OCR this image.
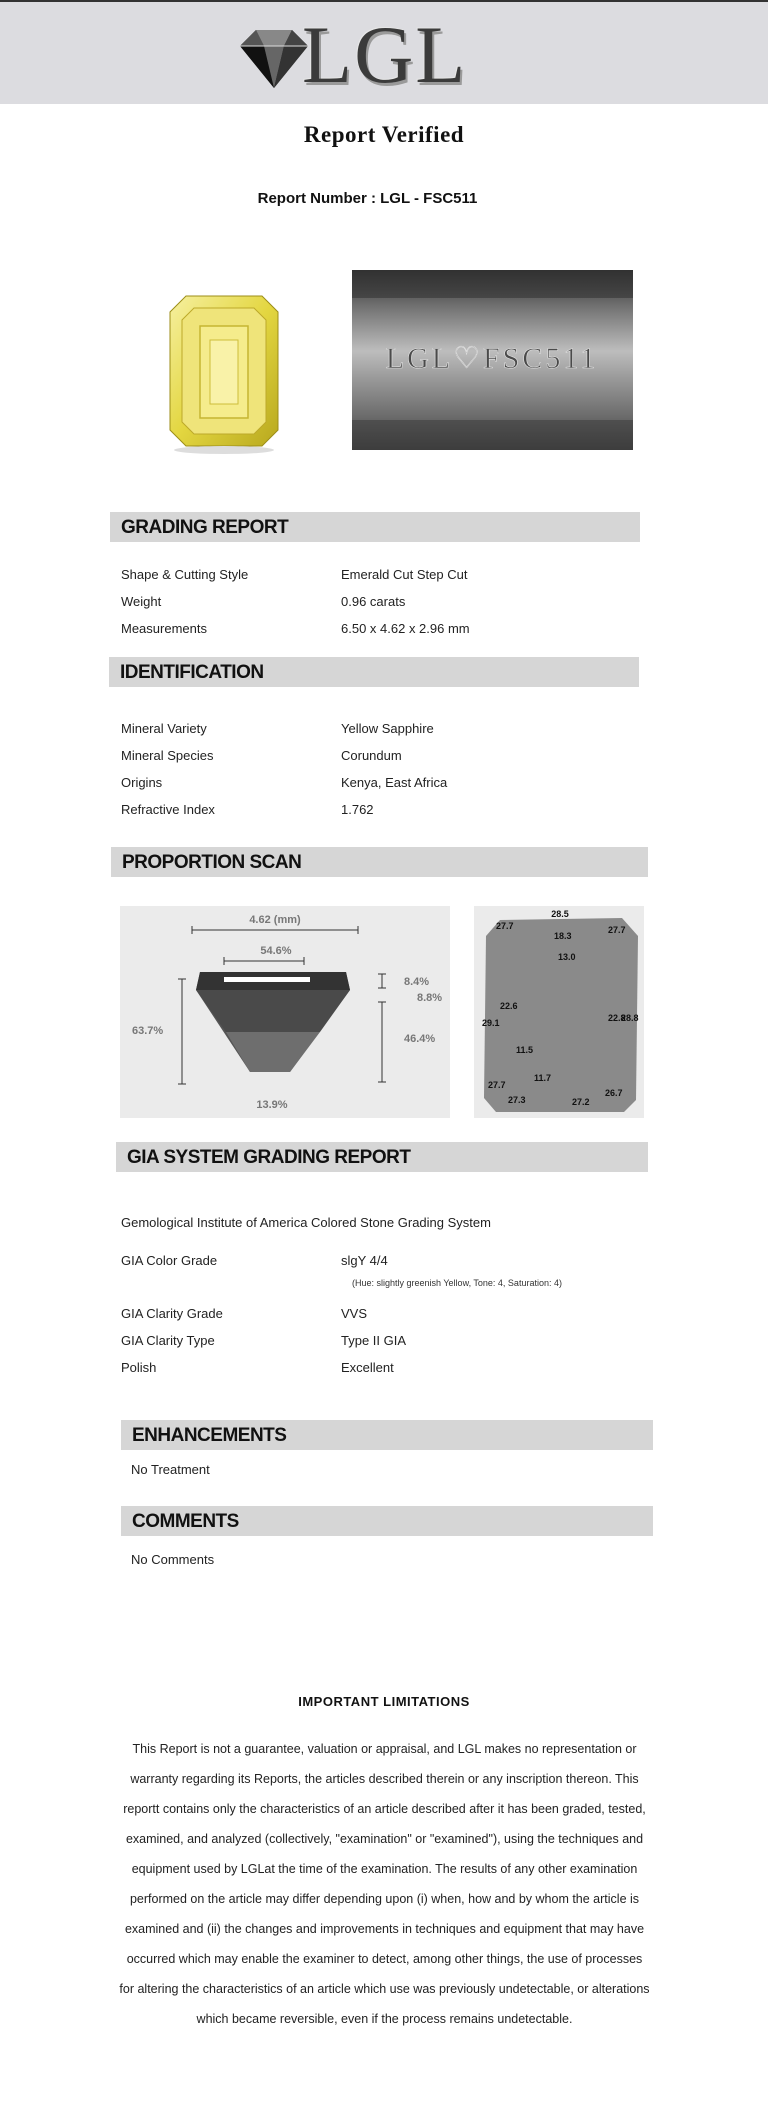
LGL
Report Verified
Report Number : LGL - FSC511
LGL♡FSC511
GRADING REPORT
Shape & Cutting Style	Emerald Cut Step Cut
Weight	0.96 carats
Measurements	6.50 x 4.62 x 2.96 mm
IDENTIFICATION
Mineral Variety	Yellow Sapphire
Mineral Species	Corundum
Origins	Kenya, East Africa
Refractive Index	1.762
PROPORTION SCAN
4.62 (mm)
54.6%
63.7%
8.4%
8.8%
46.4%
13.9%
28.5
27.7	27.7
18.3
13.0
22.6
29.1	22.8
28.8
11.5
11.7
27.7
27.3	27.2
26.7
GIA SYSTEM GRADING REPORT
Gemological Institute of America Colored Stone Grading System
GIA Color Grade	slgY 4/4
(Hue: slightly greenish Yellow, Tone: 4, Saturation: 4)
GIA Clarity Grade	VVS
GIA Clarity Type	Type II GIA
Polish	Excellent
ENHANCEMENTS
No Treatment
COMMENTS
No Comments
IMPORTANT LIMITATIONS
This Report is not a guarantee, valuation or appraisal, and LGL makes no representation or warranty regarding its Reports, the articles described therein or any inscription thereon. This reportt contains only the characteristics of an article described after it has been graded, tested, examined, and analyzed (collectively, "examination" or "examined"), using the techniques and equipment used by LGLat the time of the examination. The results of any other examination performed on the article may differ depending upon (i) when, how and by whom the article is examined and (ii) the changes and improvements in techniques and equipment that may have occurred which may enable the examiner to detect, among other things, the use of processes for altering the characteristics of an article which use was previously undetectable, or alterations which became reversible, even if the process remains undetectable.
